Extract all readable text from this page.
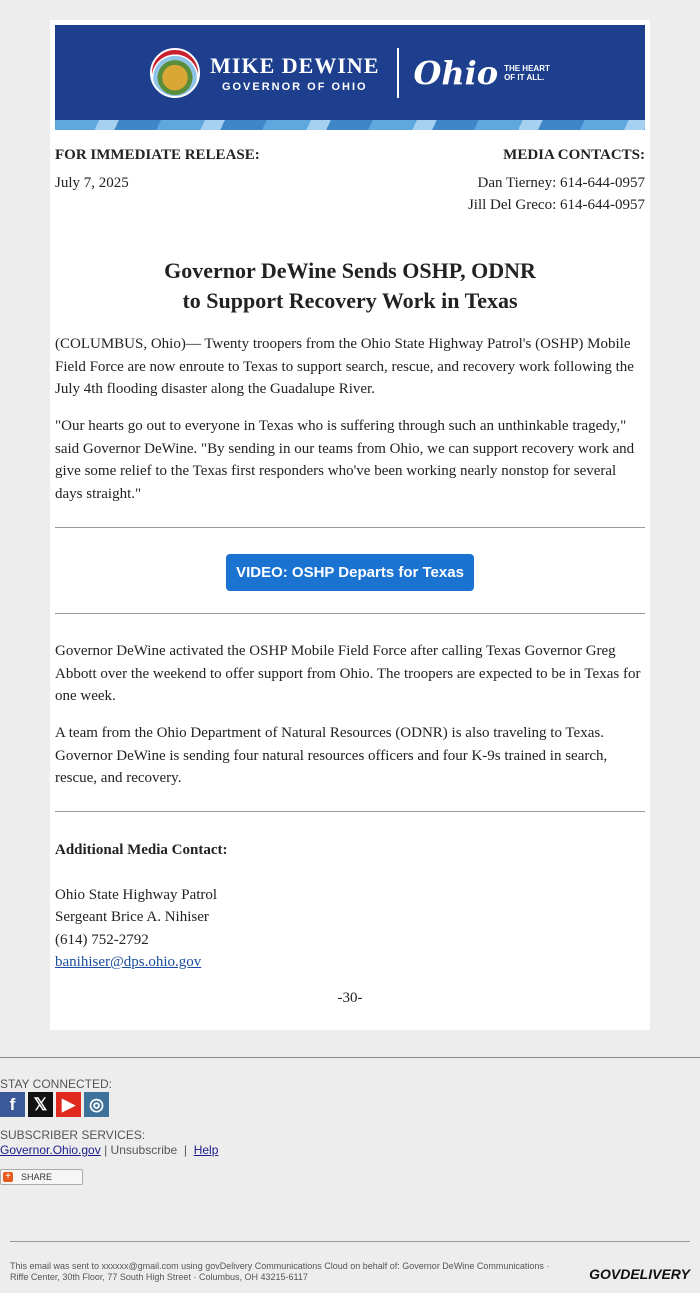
MIKE DEWINE
GOVERNOR OF OHIO	Ohio THE HEART
OF IT ALL.
FOR IMMEDIATE RELEASE:
July 7, 2025
MEDIA CONTACTS:
Dan Tierney: 614-644-0957
Jill Del Greco: 614-644-0957
Governor DeWine Sends OSHP, ODNR
to Support Recovery Work in Texas

(COLUMBUS, Ohio)— Twenty troopers from the Ohio State Highway Patrol's (OSHP) Mobile Field Force are now enroute to Texas to support search, rescue, and recovery work following the July 4th flooding disaster along the Guadalupe River.

"Our hearts go out to everyone in Texas who is suffering through such an unthinkable tragedy," said Governor DeWine. "By sending in our teams from Ohio, we can support recovery work and give some relief to the Texas first responders who've been working nearly nonstop for several days straight."

VIDEO: OSHP Departs for Texas

Governor DeWine activated the OSHP Mobile Field Force after calling Texas Governor Greg Abbott over the weekend to offer support from Ohio. The troopers are expected to be in Texas for one week.

A team from the Ohio Department of Natural Resources (ODNR) is also traveling to Texas. Governor DeWine is sending four natural resources officers and four K-9s trained in search, rescue, and recovery.

Additional Media Contact:
Ohio State Highway Patrol
Sergeant Brice A. Nihiser
(614) 752-2792
banihiser@dps.ohio.gov
-30-
STAY CONNECTED:
f	𝕏 ▶ ◎
SUBSCRIBER SERVICES:
Governor.Ohio.gov | Unsubscribe  |  Help
+ SHARE
This email was sent to xxxxxx@gmail.com using govDelivery Communications Cloud on behalf of: Governor DeWine Communications · Riffe Center, 30th Floor, 77 South High Street · Columbus, OH 43215-6117	GOVDELIVERY
